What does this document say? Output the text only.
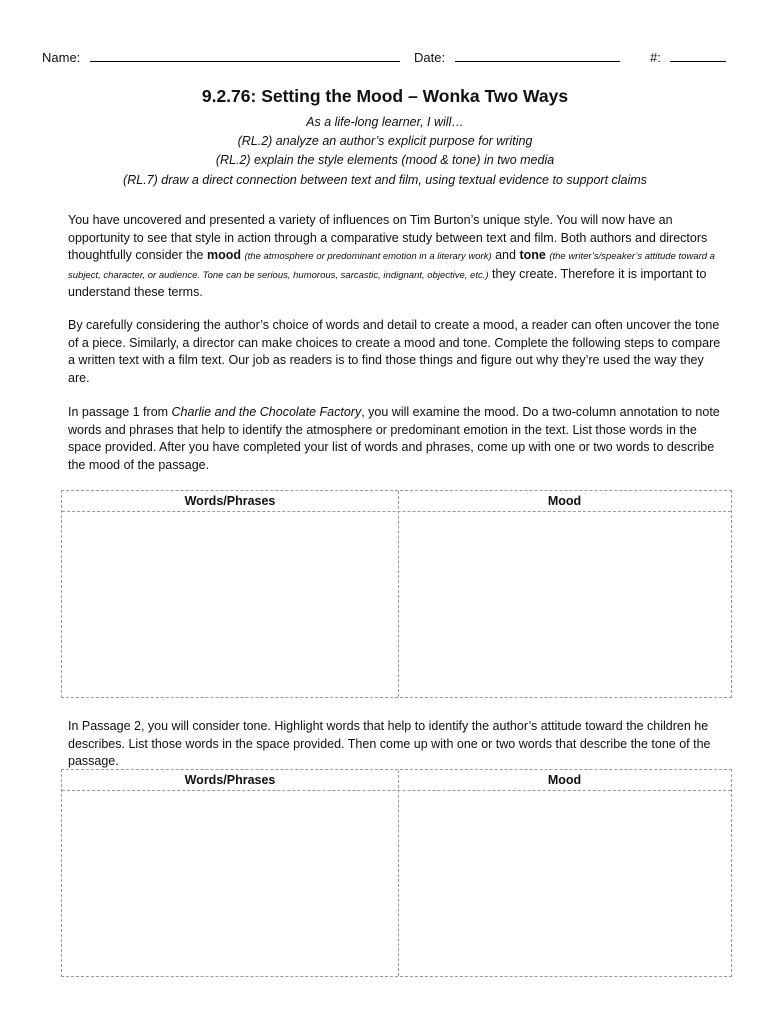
Name:	Date:	#:
9.2.76: Setting the Mood – Wonka Two Ways
As a life-long learner, I will…
(RL.2) analyze an author’s explicit purpose for writing
(RL.2) explain the style elements (mood & tone) in two media
(RL.7) draw a direct connection between text and film, using textual evidence to support claims

You have uncovered and presented a variety of influences on Tim Burton’s unique style. You will now have an opportunity to see that style in action through a comparative study between text and film. Both authors and directors thoughtfully consider the mood (the atmosphere or predominant emotion in a literary work) and tone (the writer’s/speaker’s attitude toward a subject, character, or audience. Tone can be serious, humorous, sarcastic, indignant, objective, etc.) they create. Therefore it is important to understand these terms.

By carefully considering the author’s choice of words and detail to create a mood, a reader can often uncover the tone of a piece. Similarly, a director can make choices to create a mood and tone. Complete the following steps to compare a written text with a film text. Our job as readers is to find those things and figure out why they’re used the way they are.

In passage 1 from Charlie and the Chocolate Factory, you will examine the mood. Do a two-column annotation to note words and phrases that help to identify the atmosphere or predominant emotion in the text. List those words in the space provided. After you have completed your list of words and phrases, come up with one or two words to describe the mood of the passage.

Words/Phrases	Mood

In Passage 2, you will consider tone. Highlight words that help to identify the author’s attitude toward the children he describes. List those words in the space provided. Then come up with one or two words that describe the tone of the passage.

Words/Phrases	Mood
